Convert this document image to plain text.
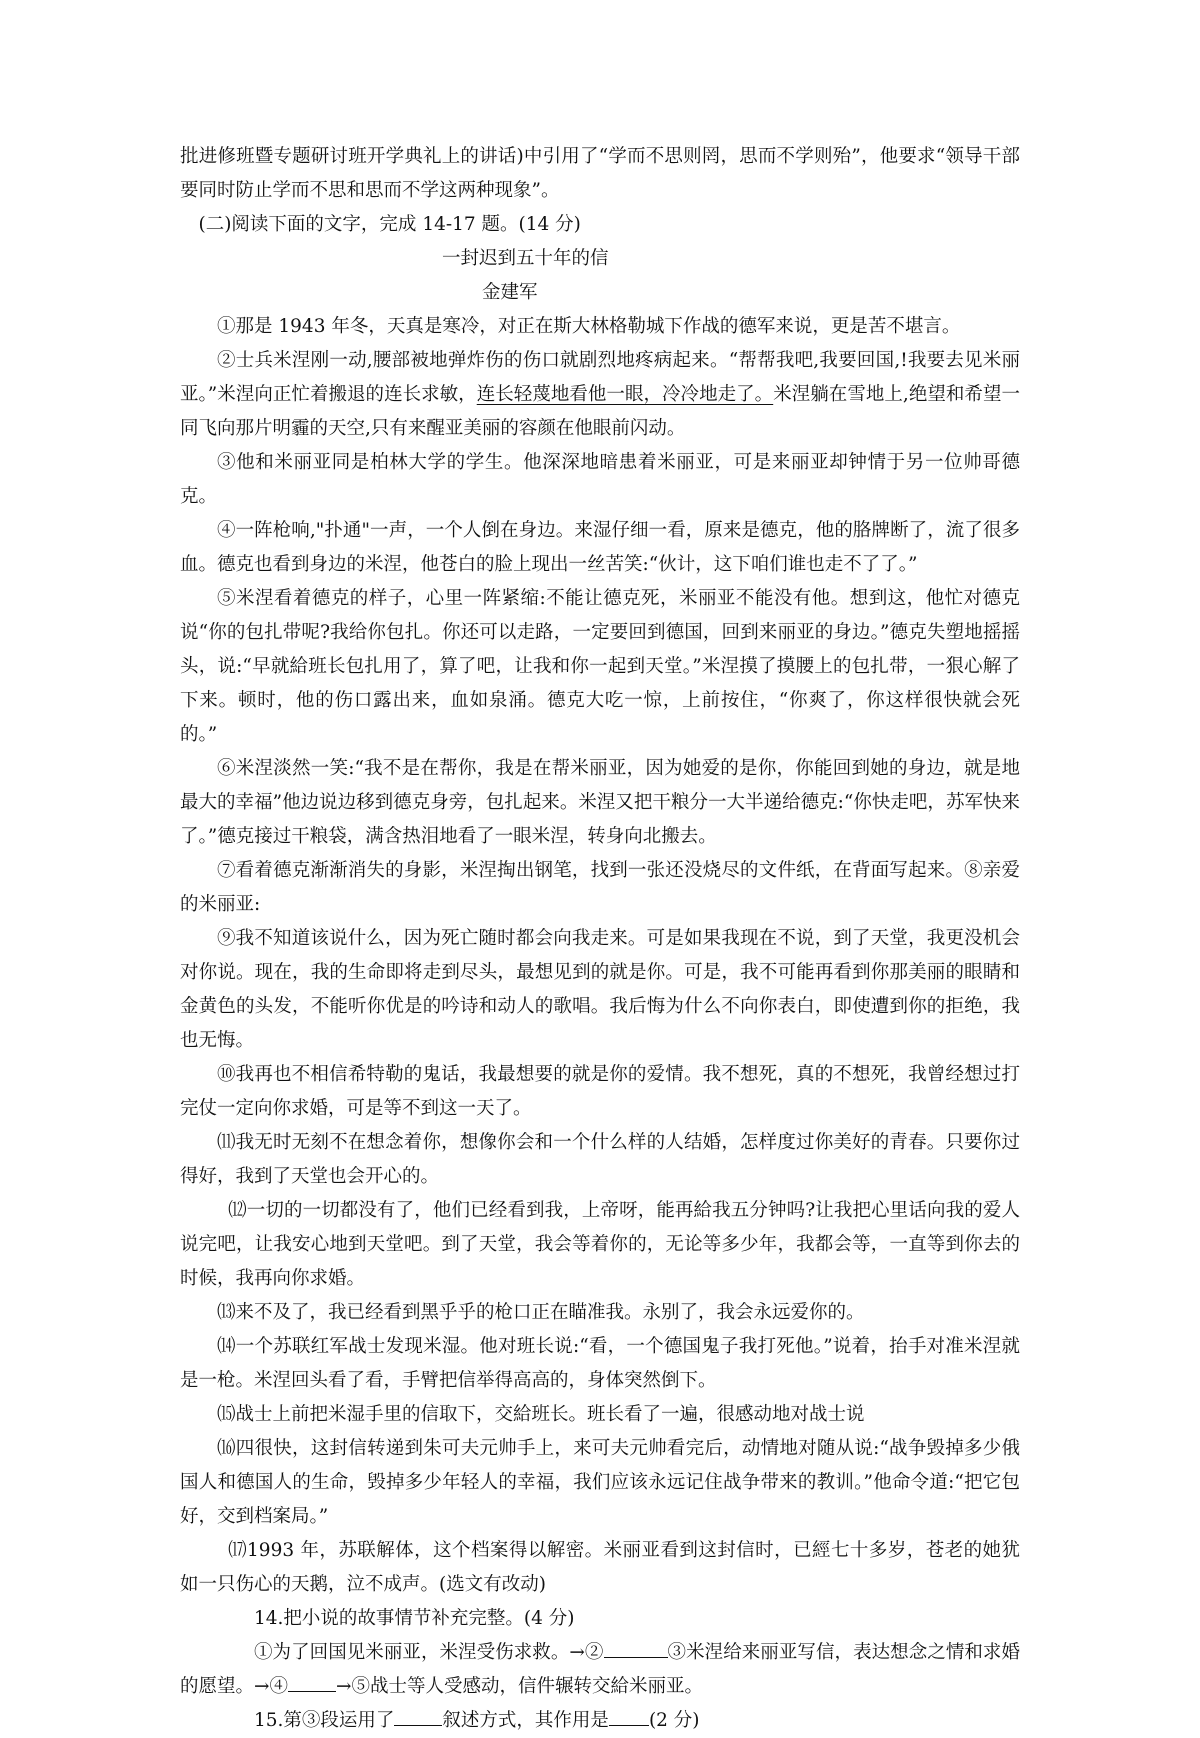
批进修班暨专题研讨班开学典礼上的讲话)中引用了“学而不思则罔，思而不学则殆”，他要求“领导干部要同时防止学而不思和思而不学这两种现象”。

(二)阅读下面的文字，完成 14-17 题。(14 分)

一封迟到五十年的信

金建军

①那是 1943 年冬，天真是寒冷，对正在斯大林格勒城下作战的德军来说，更是苦不堪言。

②士兵米涅刚一动,腰部被地弹炸伤的伤口就剧烈地疼病起来。“帮帮我吧,我要回国,!我要去见米丽亚。”米涅向正忙着搬退的连长求敏，连长轻蔑地看他一眼，冷冷地走了。米涅躺在雪地上,绝望和希望一同飞向那片明霾的天空,只有来醒亚美丽的容颜在他眼前闪动。

③他和米丽亚同是柏林大学的学生。他深深地暗患着米丽亚，可是来丽亚却钟情于另一位帅哥德克。

④一阵枪响,"扑通"一声，一个人倒在身边。来湿仔细一看，原来是德克，他的胳牌断了，流了很多血。德克也看到身边的米涅，他苍白的脸上现出一丝苦笑:“伙计，这下咱们谁也走不了了。”

⑤米涅看着德克的样子，心里一阵紧缩:不能让德克死，米丽亚不能没有他。想到这，他忙对德克说“你的包扎带呢?我给你包扎。你还可以走路，一定要回到德国，回到来丽亚的身边。”德克失塑地摇摇头，说:“早就給班长包扎用了，算了吧，让我和你一起到天堂。”米涅摸了摸腰上的包扎带，一狠心解了下来。顿时，他的伤口露出来，血如泉涌。德克大吃一惊，上前按住，“你爽了，你这样很快就会死的。”

⑥米涅淡然一笑:“我不是在帮你，我是在帮米丽亚，因为她爱的是你，你能回到她的身边，就是地最大的幸福”他边说边移到德克身旁，包扎起来。米涅又把干粮分一大半递给德克:“你快走吧，苏军快来了。”德克接过干粮袋，满含热泪地看了一眼米涅，转身向北搬去。

⑦看着德克渐渐消失的身影，米涅掏出钢笔，找到一张还没烧尽的文件纸，在背面写起来。⑧亲爱的米丽亚:

⑨我不知道该说什么，因为死亡随时都会向我走来。可是如果我现在不说，到了天堂，我更没机会对你说。现在，我的生命即将走到尽头，最想见到的就是你。可是，我不可能再看到你那美丽的眼睛和金黄色的头发，不能听你优是的吟诗和动人的歌唱。我后悔为什么不向你表白，即使遭到你的拒绝，我也无悔。

⑩我再也不相信希特勒的鬼话，我最想要的就是你的爱情。我不想死，真的不想死，我曾经想过打完仗一定向你求婚，可是等不到这一天了。

⑾我无时无刻不在想念着你，想像你会和一个什么样的人结婚，怎样度过你美好的青春。只要你过得好，我到了天堂也会开心的。

⑿一切的一切都没有了，他们已经看到我，上帝呀，能再給我五分钟吗?让我把心里话向我的爱人说完吧，让我安心地到天堂吧。到了天堂，我会等着你的，无论等多少年，我都会等，一直等到你去的时候，我再向你求婚。

⒀来不及了，我已经看到黑乎乎的枪口正在瞄准我。永别了，我会永远爱你的。

⒁一个苏联红军战士发现米湿。他对班长说:“看，一个德国鬼子我打死他。”说着，抬手对准米涅就是一枪。米涅回头看了看，手臂把信举得高高的，身体突然倒下。

⒂战士上前把米湿手里的信取下，交給班长。班长看了一遍，很感动地对战士说

⒃四很快，这封信转递到朱可夫元帅手上，来可夫元帅看完后，动情地对随从说:“战争毁掉多少俄国人和德国人的生命，毁掉多少年轻人的幸福，我们应该永远记住战争带来的教训。”他命令道:“把它包好，交到档案局。”

⒄1993 年，苏联解体，这个档案得以解密。米丽亚看到这封信时，已經七十多岁，苍老的她犹如一只伤心的天鹅，泣不成声。(选文有改动)

14.把小说的故事情节补充完整。(4 分)

①为了回国见米丽亚，米涅受伤求救。→②	③米涅给来丽亚写信，表达想念之情和求婚的愿望。→④	→⑤战士等人受感动，信件辗转交給米丽亚。

15.第③段运用了	叙述方式，其作用是 (2 分)
